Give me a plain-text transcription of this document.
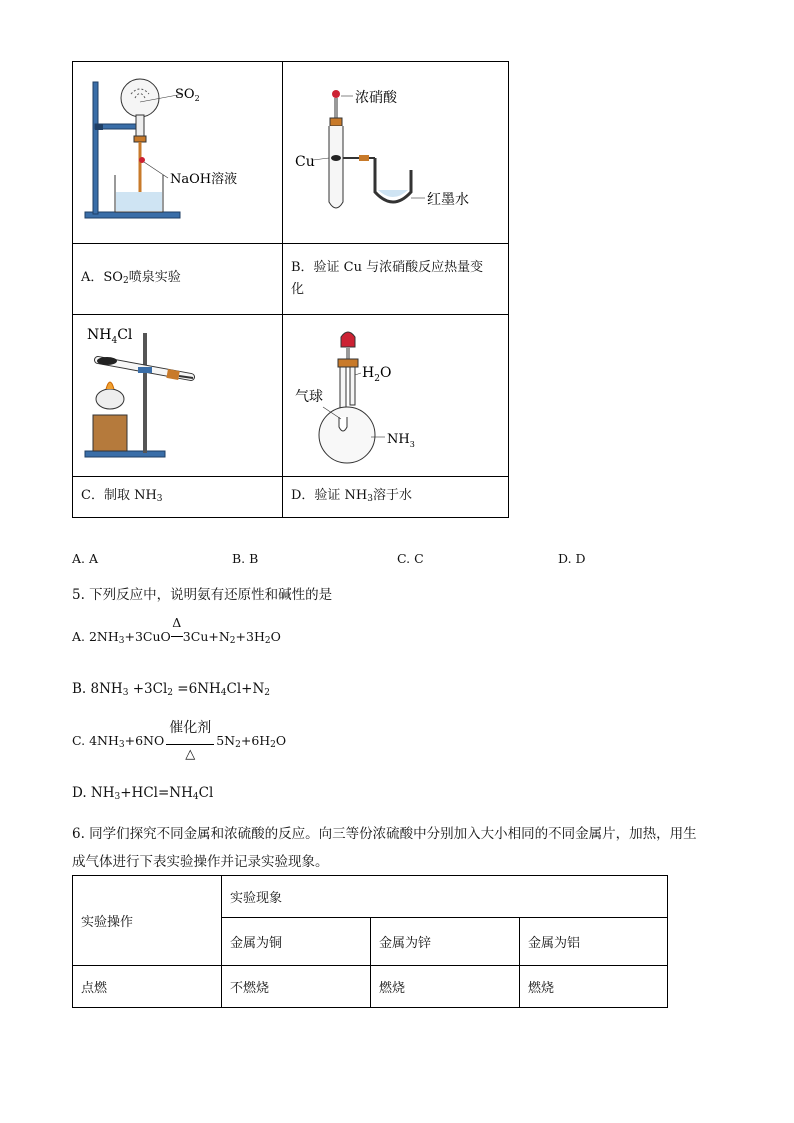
$SO_2$
NaOH溶液	浓硝酸
Cu
红墨水

A．$SO_2$喷泉实验	B．验证 Cu 与浓硝酸反应热量变化

$NH_4Cl$	$H_2O$
气球
$NH_3$

C．制取 $NH_3$	D．验证 $NH_3$溶于水
A. A	B. B	C. C	D. D
5. 下列反应中，说明氨有还原性和碱性的是
A. $2NH_3+3CuO$
Δ
$3Cu+N_2+3H_2O$
B. $8NH_3 +3Cl_2 =6NH_4Cl+N_2$
C. $4NH_3+6NO$
催化剂
△
$5N_2+6H_2O$
D. $NH_3+HCl=NH_4Cl$
6. 同学们探究不同金属和浓硫酸的反应。向三等份浓硫酸中分别加入大小相同的不同金属片，加热，用生
成气体进行下表实验操作并记录实验现象。
实验操作	实验现象		
	金属为铜	金属为锌	金属为铝
点燃	不燃烧	燃烧	燃烧
